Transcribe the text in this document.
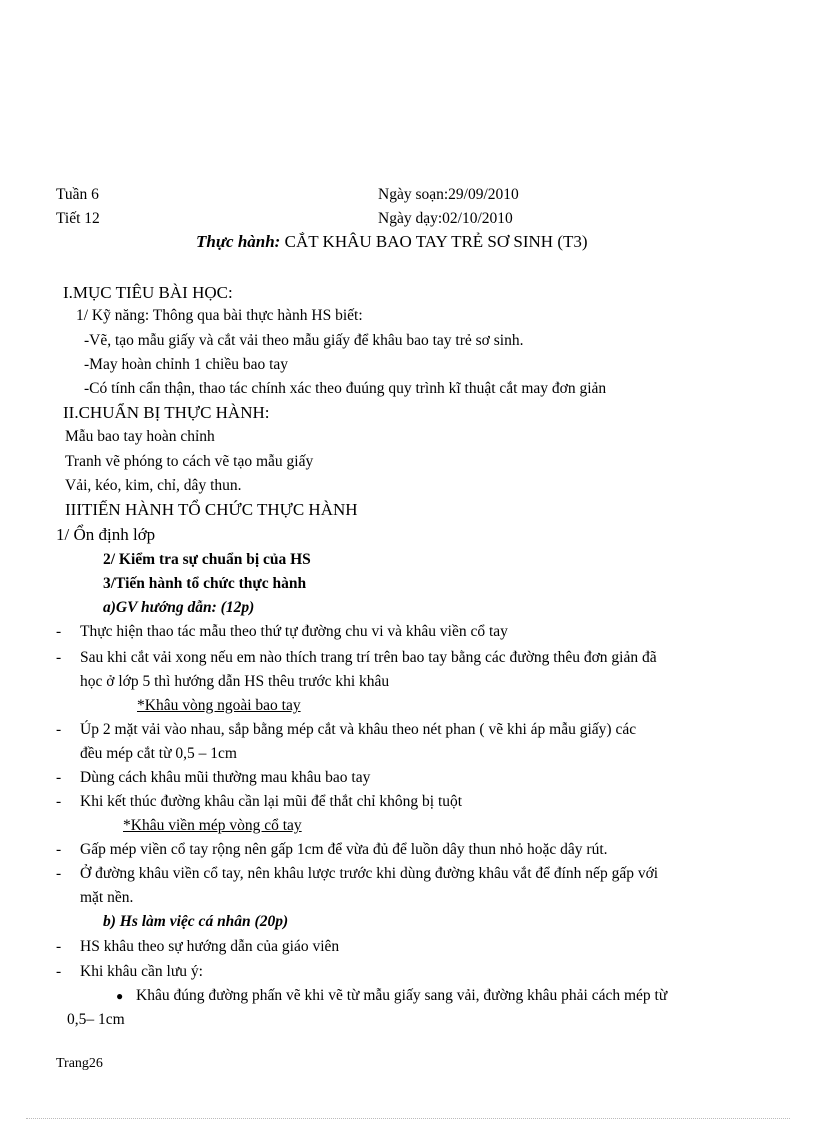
Tuần 6	Ngày soạn:29/09/2010
Tiết 12	Ngày dạy:02/10/2010
Thực hành: CẮT KHÂU BAO TAY TRẺ SƠ SINH (T3)
I.MỤC TIÊU BÀI HỌC:
1/ Kỹ năng: Thông qua bài thực hành HS biết:
-Vẽ, tạo mẫu giấy và cắt vải theo mẫu giấy để khâu bao tay trẻ sơ sinh.
-May hoàn chỉnh 1 chiều bao tay
-Có tính cẩn thận, thao tác chính xác theo đuúng quy trình kĩ thuật cắt may đơn giản
II.CHUẨN BỊ THỰC HÀNH:
Mẫu bao tay hoàn chỉnh
Tranh vẽ phóng to cách vẽ tạo mẫu giấy
Vải, kéo, kim, chỉ, dây thun.
IIITIẾN HÀNH TỔ CHỨC THỰC HÀNH
1/ Ổn định lớp
2/ Kiểm tra sự chuẩn bị của HS
3/Tiến hành tổ chức thực hành
a)GV hướng dẫn: (12p)
- Thực hiện thao tác mẫu theo thứ tự đường chu vi và khâu viền cổ tay
- Sau khi cắt vải xong nếu em nào thích trang trí trên bao tay bằng các đường thêu đơn giản đã
học ở lớp 5 thì hướng dẫn HS thêu trước khi khâu
*Khâu vòng ngoài bao tay
- Úp 2 mặt vải vào nhau, sắp bằng mép cắt và khâu theo nét phan ( vẽ khi áp mẫu giấy) các
đều mép cắt từ 0,5 – 1cm
- Dùng cách khâu mũi thường mau khâu bao tay
- Khi kết thúc đường khâu cần lại mũi để thắt chỉ không bị tuột
*Khâu viền mép vòng cổ tay
- Gấp mép viền cổ tay rộng nên gấp 1cm để vừa đủ để luồn dây thun nhỏ hoặc dây rút.
- Ở đường khâu viền cổ tay, nên khâu lược trước khi dùng đường khâu vắt để đính nếp gấp với
mặt nền.
b) Hs làm việc cá nhân (20p)
- HS khâu theo sự hướng dẫn của giáo viên
- Khi khâu cần lưu ý:
● Khâu đúng đường phấn vẽ khi vẽ từ mẫu giấy sang vải, đường khâu phải cách mép từ
0,5– 1cm
Trang26
